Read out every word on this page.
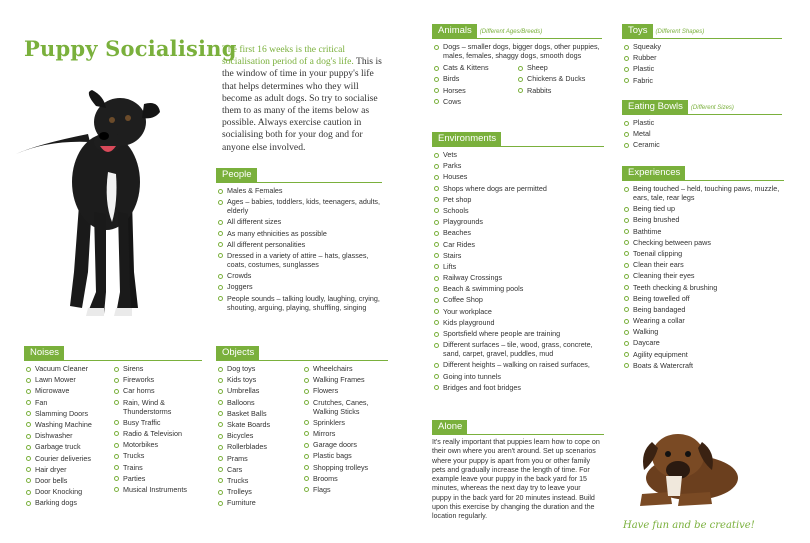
Puppy Socialising
The first 16 weeks is the critical socialisation period of a dog's life. This is the window of time in your puppy's life that helps determines who they will become as adult dogs. So try to socialise them to as many of the items below as possible. Always exercise caution in socialising both for your dog and for anyone else involved.
People
Males & Females
Ages – babies, toddlers, kids, teenagers, adults, elderly
All different sizes
As many ethnicities as possible
All different personalities
Dressed in a variety of attire – hats, glasses, coats, costumes, sunglasses
Crowds
Joggers
People sounds – talking loudly, laughing, crying, shouting, arguing, playing, shuffling, singing
Noises
Vacuum Cleaner
Lawn Mower
Microwave
Fan
Slamming Doors
Washing Machine
Dishwasher
Garbage truck
Courier deliveries
Hair dryer
Door bells
Door Knocking
Barking dogs
Sirens
Fireworks
Car horns
Rain, Wind & Thunderstorms
Busy Traffic
Radio & Television
Motorbikes
Trucks
Trains
Parties
Musical Instruments
Objects
Dog toys
Kids toys
Umbrellas
Balloons
Basket Balls
Skate Boards
Bicycles
Rollerblades
Prams
Cars
Trucks
Trolleys
Furniture
Wheelchairs
Walking Frames
Flowers
Crutches, Canes, Walking Sticks
Sprinklers
Mirrors
Garage doors
Plastic bags
Shopping trolleys
Brooms
Flags
Animals	(Different Ages/Breeds)
Dogs – smaller dogs, bigger dogs, other puppies, males, females, shaggy dogs, smooth dogs
Cats & Kittens
Birds
Horses
Cows
Sheep
Chickens & Ducks
Rabbits
Environments
Vets
Parks
Houses
Shops where dogs are permitted
Pet shop
Schools
Playgrounds
Beaches
Car Rides
Stairs
Lifts
Railway Crossings
Beach & swimming pools
Coffee Shop
Your workplace
Kids playground
Sportsfield where people are training
Different surfaces – tile, wood, grass, concrete, sand, carpet, gravel, puddles, mud
Different heights – walking on raised surfaces,
Going into tunnels
Bridges and foot bridges
Alone
It's really important that puppies learn how to cope on their own where you aren't around. Set up scenarios where your puppy is apart from you or other family pets and gradually increase the length of time. For example leave your puppy in the back yard for 15 minutes, whereas the next day try to leave your puppy in the back yard for 20 minutes instead. Build upon this exercise by changing the duration and the location regularly.
Toys	(Different Shapes)
Squeaky
Rubber
Plastic
Fabric
Eating Bowls	(Different Sizes)
Plastic
Metal
Ceramic
Experiences
Being touched – held, touching paws, muzzle, ears, tale, rear legs
Being tied up
Being brushed
Bathtime
Checking between paws
Toenail clipping
Clean their ears
Cleaning their eyes
Teeth checking & brushing
Being towelled off
Being bandaged
Wearing a collar
Walking
Daycare
Agility equipment
Boats & Watercraft
Have fun and be creative!
